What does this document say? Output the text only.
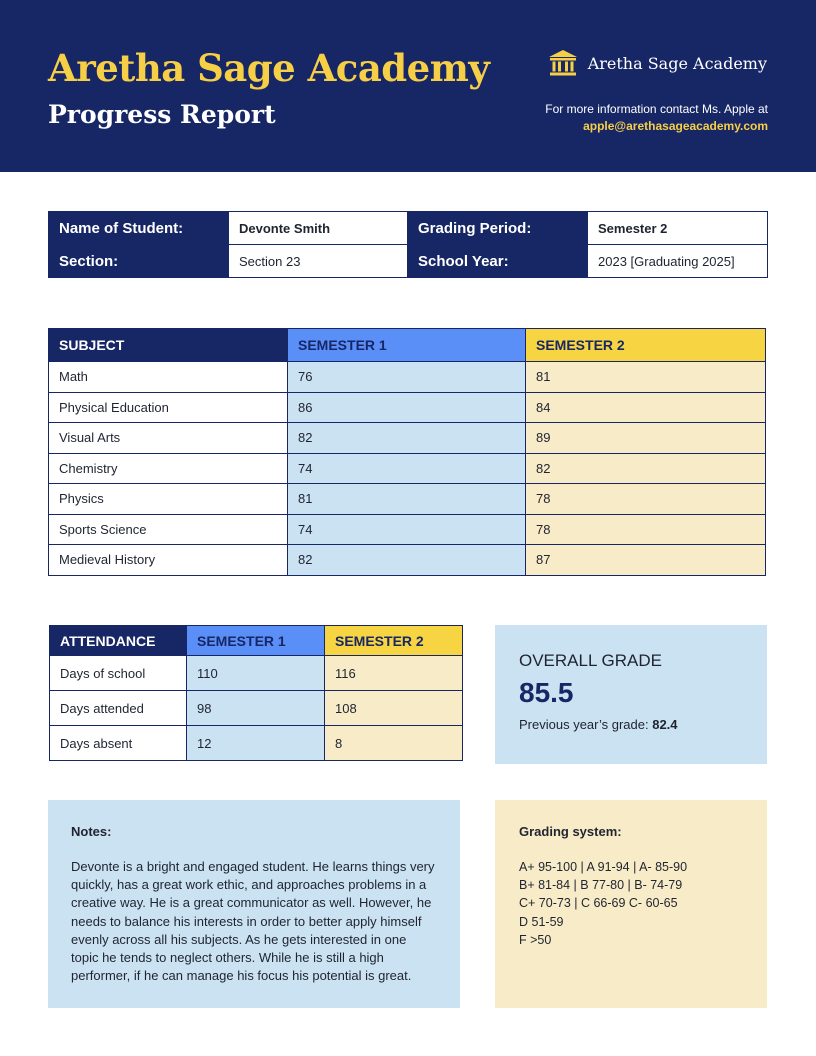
Aretha Sage Academy
Progress Report
Aretha Sage Academy
For more information contact Ms. Apple at
apple@arethasageacademy.com
Name of Student:	Devonte Smith	Grading Period:	Semester 2
Section:	Section 23	School Year:	2023 [Graduating 2025]
SUBJECT	SEMESTER 1	SEMESTER 2
Math	76	81
Physical Education	86	84
Visual Arts	82	89
Chemistry	74	82
Physics	81	78
Sports Science	74	78
Medieval History	82	87
ATTENDANCE	SEMESTER 1	SEMESTER 2
Days of school	110	116
Days attended	98	108
Days absent	12	8
OVERALL GRADE
85.5
Previous year’s grade: 82.4
Notes:
Devonte is a bright and engaged student. He learns things very quickly, has a great work ethic, and approaches problems in a creative way. He is a great communicator as well. However, he needs to balance his interests in order to better apply himself evenly across all his subjects. As he gets interested in one topic he tends to neglect others. While he is still a high performer, if he can manage his focus his potential is great.
Grading system:
A+ 95-100 | A 91-94 | A- 85-90
B+ 81-84 | B 77-80 | B- 74-79
C+ 70-73 | C 66-69 C- 60-65
D 51-59
F >50
